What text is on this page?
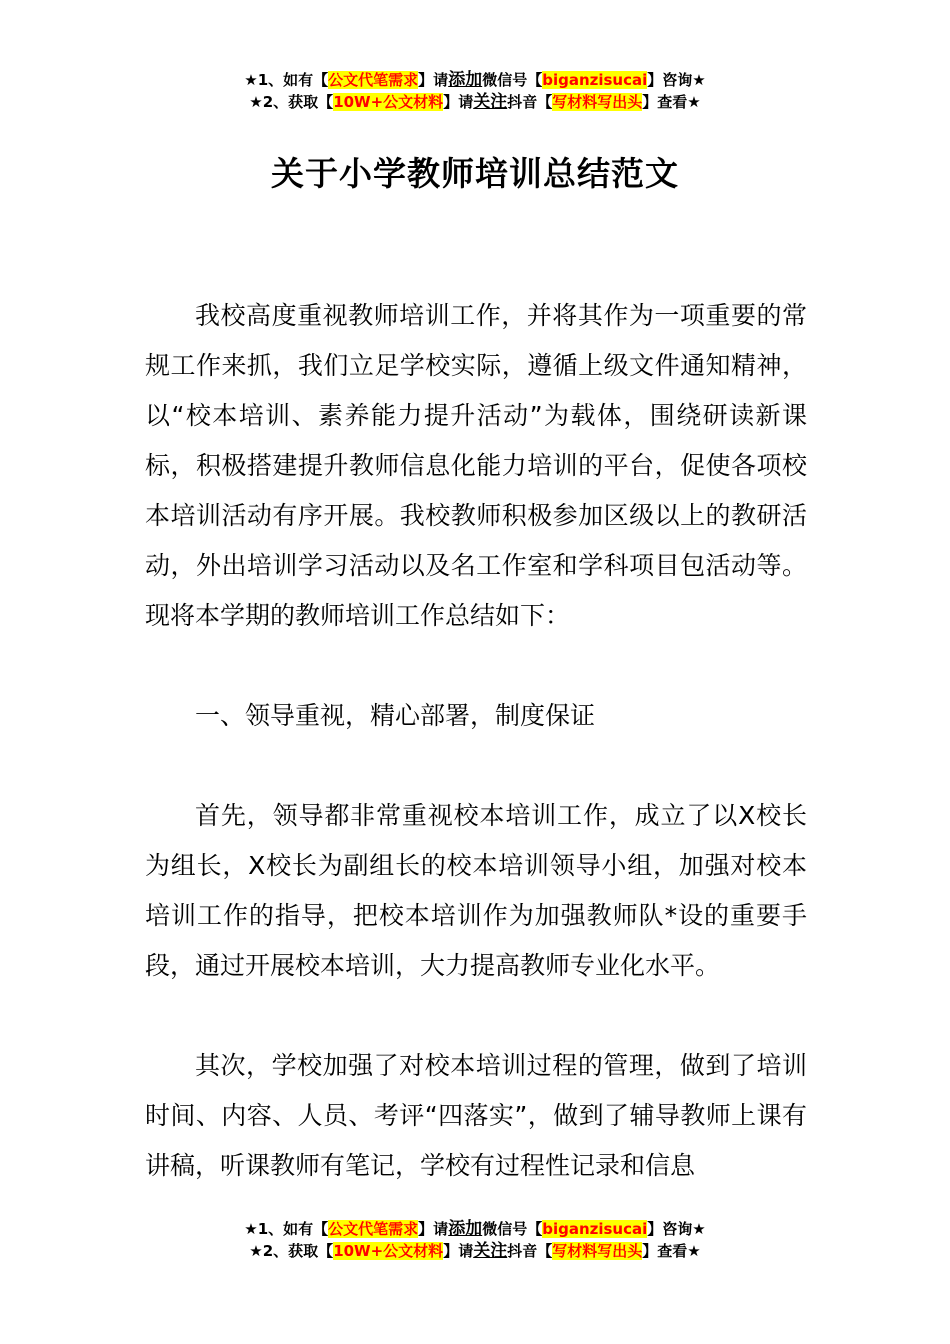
★1、如有【公文代笔需求】请添加微信号【biganzisucai】咨询★
★2、获取【10W+公文材料】请关注抖音【写材料写出头】查看★
关于小学教师培训总结范文

我校高度重视教师培训工作，并将其作为一项重要的常规工作来抓，我们立足学校实际，遵循上级文件通知精神，以“校本培训、素养能力提升活动”为载体，围绕研读新课标，积极搭建提升教师信息化能力培训的平台，促使各项校本培训活动有序开展。我校教师积极参加区级以上的教研活动，外出培训学习活动以及名工作室和学科项目包活动等。现将本学期的教师培训工作总结如下：

一、领导重视，精心部署，制度保证

首先，领导都非常重视校本培训工作，成立了以X校长为组长，X校长为副组长的校本培训领导小组，加强对校本培训工作的指导，把校本培训作为加强教师队*设的重要手段，通过开展校本培训，大力提高教师专业化水平。

其次，学校加强了对校本培训过程的管理，做到了培训时间、内容、人员、考评“四落实”，做到了辅导教师上课有讲稿，听课教师有笔记，学校有过程性记录和信息

★1、如有【公文代笔需求】请添加微信号【biganzisucai】咨询★
★2、获取【10W+公文材料】请关注抖音【写材料写出头】查看★
